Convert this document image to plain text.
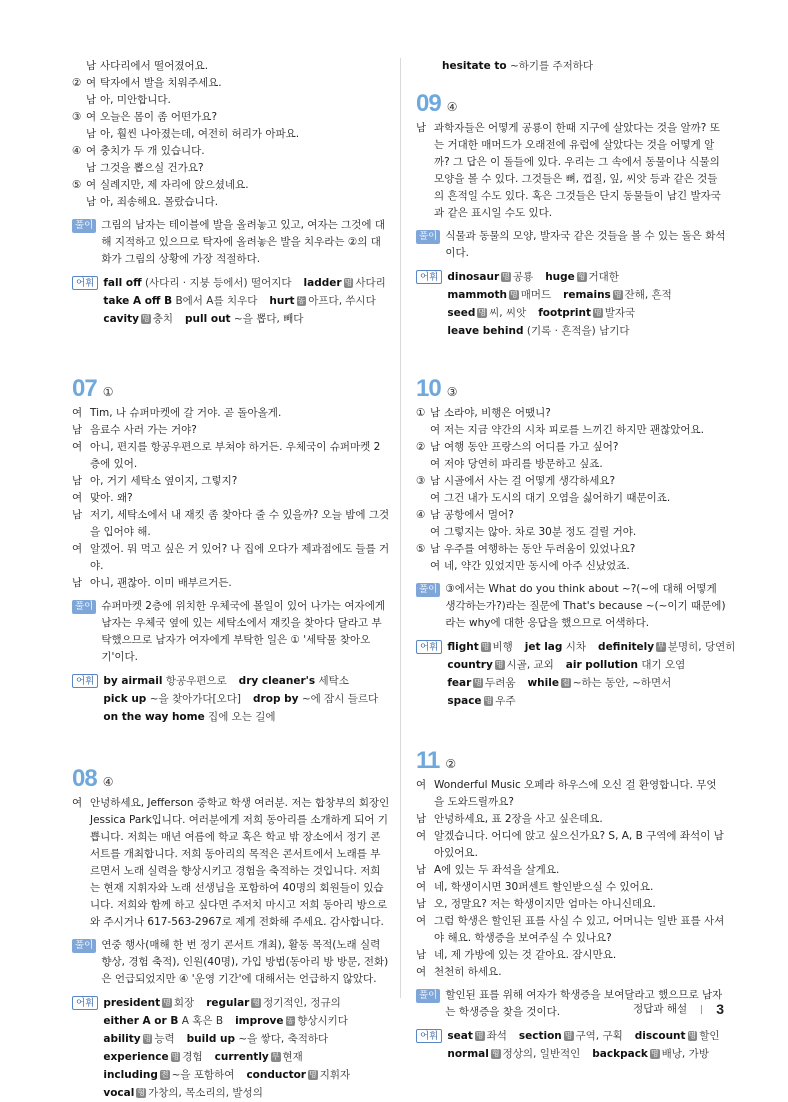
남 사다리에서 떨어졌어요.
② 여 탁자에서 발을 치워주세요.
남 아, 미안합니다.
③ 여 오늘은 몸이 좀 어떤가요?
남 아, 훨씬 나아졌는데, 여전히 허리가 아파요.
④ 여 충치가 두 개 있습니다.
남 그것을 뽑으실 건가요?
⑤ 여 실례지만, 제 자리에 앉으셨네요.
남 아, 죄송해요. 몰랐습니다.
풀이 그림의 남자는 테이블에 발을 올려놓고 있고, 여자는 그것에 대해 지적하고 있으므로 탁자에 올려놓은 발을 치우라는 ②의 대화가 그림의 상황에 가장 적절하다.
어휘 fall off (사다리 · 지붕 등에서) 떨어지다 ladder 명 사다리
take A off B B에서 A를 치우다 hurt 동 아프다, 쑤시다
cavity 명 충치 pull out ~을 뽑다, 빼다
07 ①
여 Tim, 나 슈퍼마켓에 갈 거야. 곧 돌아올게.
남 음료수 사러 가는 거야?
여 아니, 편지를 항공우편으로 부쳐야 하거든. 우체국이 슈퍼마켓 2층에 있어.
남 아, 거기 세탁소 옆이지, 그렇지?
여 맞아. 왜?
남 저기, 세탁소에서 내 재킷 좀 찾아다 줄 수 있을까? 오늘 밤에 그것을 입어야 해.
여 알겠어. 뭐 먹고 싶은 거 있어? 나 집에 오다가 제과점에도 들를 거야.
남 아니, 괜찮아. 이미 배부르거든.
풀이 슈퍼마켓 2층에 위치한 우체국에 볼일이 있어 나가는 여자에게 남자는 우체국 옆에 있는 세탁소에서 재킷을 찾아다 달라고 부탁했으므로 남자가 여자에게 부탁한 일은 ① '세탁물 찾아오기'이다.
어휘 by airmail 항공우편으로 dry cleaner's 세탁소
pick up ~을 찾아가다[오다] drop by ~에 잠시 들르다
on the way home 집에 오는 길에
08 ④
여 안녕하세요, Jefferson 중학교 학생 여러분. 저는 합창부의 회장인 Jessica Park입니다. 여러분에게 저희 동아리를 소개하게 되어 기쁩니다. 저희는 매년 여름에 학교 혹은 학교 밖 장소에서 정기 콘서트를 개최합니다. 저희 동아리의 목적은 콘서트에서 노래를 부르면서 노래 실력을 향상시키고 경험을 축적하는 것입니다. 저희는 현재 지휘자와 노래 선생님을 포함하여 40명의 회원들이 있습니다. 저희와 함께 하고 싶다면 주저치 마시고 저희 동아리 방으로 와 주시거나 617-563-2967로 제게 전화해 주세요. 감사합니다.
풀이 연중 행사(매해 한 번 정기 콘서트 개최), 활동 목적(노래 실력 향상, 경험 축적), 인원(40명), 가입 방법(동아리 방 방문, 전화)은 언급되었지만 ④ '운영 기간'에 대해서는 언급하지 않았다.
어휘 president 명 회장 regular 형 정기적인, 정규의
either A or B A 혹은 B improve 동 향상시키다
ability 명 능력 build up ~을 쌓다, 축적하다
experience 명 경험 currently 부 현재
including 전 ~을 포함하여 conductor 명 지휘자
vocal 형 가창의, 목소리의, 발성의
hesitate to ~하기를 주저하다
09 ④
남 과학자들은 어떻게 공룡이 한때 지구에 살았다는 것을 알까? 또는 거대한 매머드가 오래전에 유럽에 살았다는 것을 어떻게 알까? 그 답은 이 돌들에 있다. 우리는 그 속에서 동물이나 식물의 모양을 볼 수 있다. 그것들은 뼈, 껍질, 잎, 씨앗 등과 같은 것들의 흔적일 수도 있다. 혹은 그것들은 단지 동물들이 남긴 발자국과 같은 표시일 수도 있다.
풀이 식물과 동물의 모양, 발자국 같은 것들을 볼 수 있는 돌은 화석이다.
어휘 dinosaur 명 공룡 huge 형 거대한
mammoth 명 매머드 remains 명 잔해, 흔적
seed 명 씨, 씨앗 footprint 명 발자국
leave behind (기록 · 흔적을) 남기다
10 ③
① 남 소라야, 비행은 어땠니?
여 저는 지금 약간의 시차 피로를 느끼긴 하지만 괜찮았어요.
② 남 여행 동안 프랑스의 어디를 가고 싶어?
여 저야 당연히 파리를 방문하고 싶죠.
③ 남 시골에서 사는 걸 어떻게 생각하세요?
여 그건 내가 도시의 대기 오염을 싫어하기 때문이죠.
④ 남 공항에서 멀어?
여 그렇지는 않아. 차로 30분 정도 걸릴 거야.
⑤ 남 우주를 여행하는 동안 두려움이 있었나요?
여 네, 약간 있었지만 동시에 아주 신났었죠.
풀이 ③에서는 What do you think about ~?(~에 대해 어떻게 생각하는가?)라는 질문에 That's because ~(~이기 때문에)라는 why에 대한 응답을 했으므로 어색하다.
어휘 flight 명 비행 jet lag 시차 definitely 부 분명히, 당연히
country 명 시골, 교외 air pollution 대기 오염
fear 명 두려움 while 접 ~하는 동안, ~하면서
space 명 우주
11 ②
여 Wonderful Music 오페라 하우스에 오신 걸 환영합니다. 무엇을 도와드릴까요?
남 안녕하세요, 표 2장을 사고 싶은데요.
여 알겠습니다. 어디에 앉고 싶으신가요? S, A, B 구역에 좌석이 남아있어요.
남 A에 있는 두 좌석을 살게요.
여 네, 학생이시면 30퍼센트 할인받으실 수 있어요.
남 오, 정말요? 저는 학생이지만 엄마는 아니신데요.
여 그럼 학생은 할인된 표를 사실 수 있고, 어머니는 일반 표를 사셔야 해요. 학생증을 보여주실 수 있나요?
남 네, 제 가방에 있는 것 같아요. 잠시만요.
여 천천히 하세요.
풀이 할인된 표를 위해 여자가 학생증을 보여달라고 했으므로 남자는 학생증을 찾을 것이다.
어휘 seat 명 좌석 section 명 구역, 구획 discount 명 할인
normal 형 정상의, 일반적인 backpack 명 배낭, 가방
정답과 해설 3
